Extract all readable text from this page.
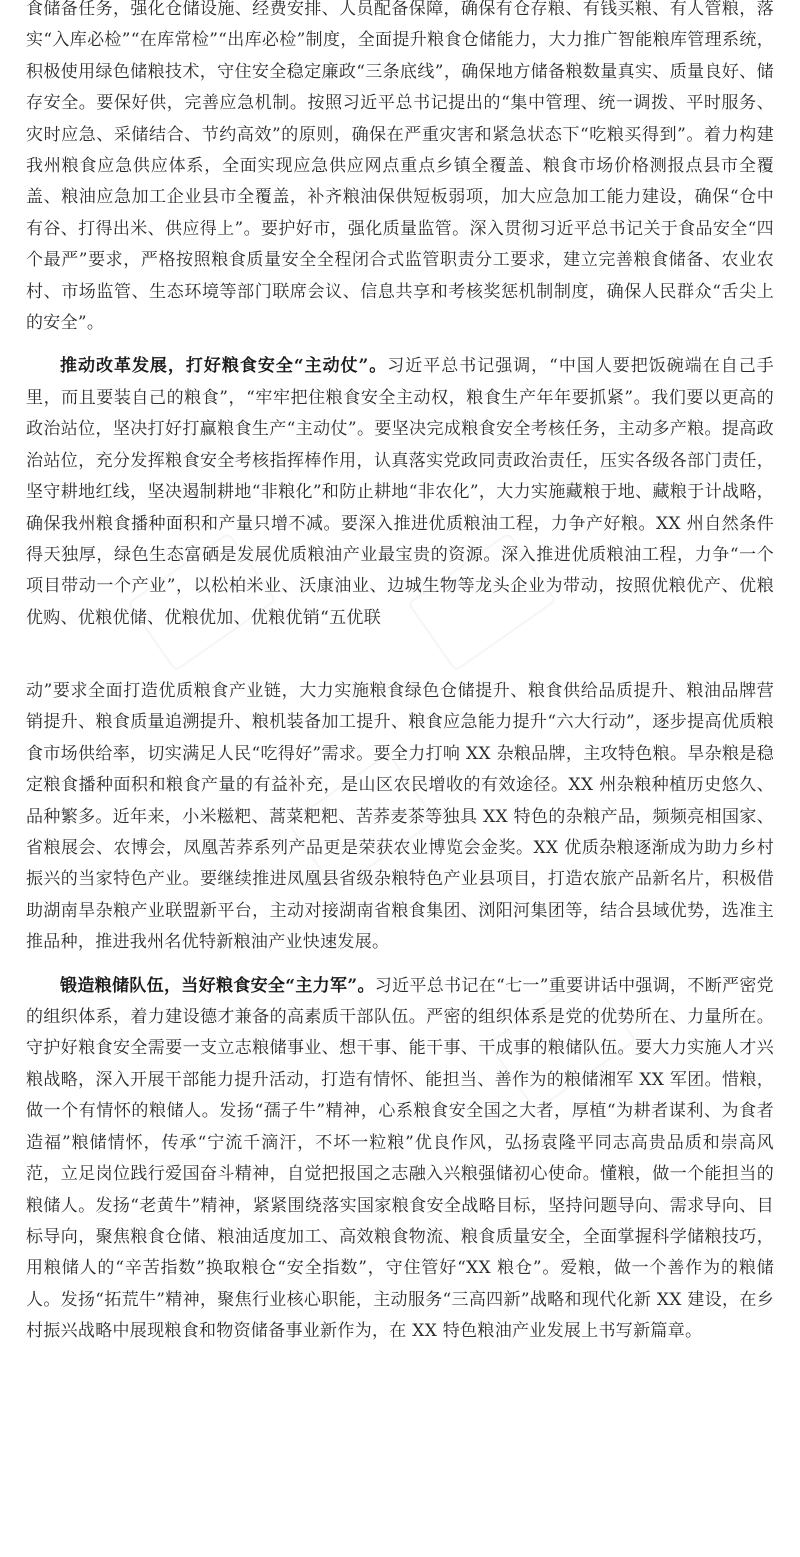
食储备任务，强化仓储设施、经费安排、人员配备保障，确保有仓存粮、有钱买粮、有人管粮，落实“入库必检”“在库常检”“出库必检”制度，全面提升粮食仓储能力，大力推广智能粮库管理系统，积极使用绿色储粮技术，守住安全稳定廉政“三条底线”，确保地方储备粮数量真实、质量良好、储存安全。要保好供，完善应急机制。按照习近平总书记提出的“集中管理、统一调拨、平时服务、灾时应急、采储结合、节约高效”的原则，确保在严重灾害和紧急状态下“吃粮买得到”。着力构建我州粮食应急供应体系，全面实现应急供应网点重点乡镇全覆盖、粮食市场价格测报点县市全覆盖、粮油应急加工企业县市全覆盖，补齐粮油保供短板弱项，加大应急加工能力建设，确保“仓中有谷、打得出米、供应得上”。要护好市，强化质量监管。深入贯彻习近平总书记关于食品安全“四个最严”要求，严格按照粮食质量安全全程闭合式监管职责分工要求，建立完善粮食储备、农业农村、市场监管、生态环境等部门联席会议、信息共享和考核奖惩机制制度，确保人民群众“舌尖上的安全”。

推动改革发展，打好粮食安全“主动仗”。习近平总书记强调，“中国人要把饭碗端在自己手里，而且要装自己的粮食”，“牢牢把住粮食安全主动权，粮食生产年年要抓紧”。我们要以更高的政治站位，坚决打好打赢粮食生产“主动仗”。要坚决完成粮食安全考核任务，主动多产粮。提高政治站位，充分发挥粮食安全考核指挥棒作用，认真落实党政同责政治责任，压实各级各部门责任，坚守耕地红线，坚决遏制耕地“非粮化”和防止耕地“非农化”，大力实施藏粮于地、藏粮于计战略，确保我州粮食播种面积和产量只增不减。要深入推进优质粮油工程，力争产好粮。XX 州自然条件得天独厚，绿色生态富硒是发展优质粮油产业最宝贵的资源。深入推进优质粮油工程，力争“一个项目带动一个产业”，以松柏米业、沃康油业、边城生物等龙头企业为带动，按照优粮优产、优粮优购、优粮优储、优粮优加、优粮优销“五优联

动”要求全面打造优质粮食产业链，大力实施粮食绿色仓储提升、粮食供给品质提升、粮油品牌营销提升、粮食质量追溯提升、粮机装备加工提升、粮食应急能力提升“六大行动”，逐步提高优质粮食市场供给率，切实满足人民“吃得好”需求。要全力打响 XX 杂粮品牌，主攻特色粮。旱杂粮是稳定粮食播种面积和粮食产量的有益补充，是山区农民增收的有效途径。XX 州杂粮种植历史悠久、品种繁多。近年来，小米糍粑、蒿菜粑粑、苦荞麦茶等独具 XX 特色的杂粮产品，频频亮相国家、省粮展会、农博会，凤凰苦荞系列产品更是荣获农业博览会金奖。XX 优质杂粮逐渐成为助力乡村振兴的当家特色产业。要继续推进凤凰县省级杂粮特色产业县项目，打造农旅产品新名片，积极借助湖南旱杂粮产业联盟新平台，主动对接湖南省粮食集团、浏阳河集团等，结合县域优势，选准主推品种，推进我州名优特新粮油产业快速发展。

锻造粮储队伍，当好粮食安全“主力军”。习近平总书记在“七一”重要讲话中强调，不断严密党的组织体系，着力建设德才兼备的高素质干部队伍。严密的组织体系是党的优势所在、力量所在。守护好粮食安全需要一支立志粮储事业、想干事、能干事、干成事的粮储队伍。要大力实施人才兴粮战略，深入开展干部能力提升活动，打造有情怀、能担当、善作为的粮储湘军 XX 军团。惜粮，做一个有情怀的粮储人。发扬“孺子牛”精神，心系粮食安全国之大者，厚植“为耕者谋利、为食者造福”粮储情怀，传承“宁流千滴汗，不坏一粒粮”优良作风，弘扬袁隆平同志高贵品质和崇高风范，立足岗位践行爱国奋斗精神，自觉把报国之志融入兴粮强储初心使命。懂粮，做一个能担当的粮储人。发扬“老黄牛”精神，紧紧围绕落实国家粮食安全战略目标，坚持问题导向、需求导向、目标导向，聚焦粮食仓储、粮油适度加工、高效粮食物流、粮食质量安全，全面掌握科学储粮技巧，用粮储人的“辛苦指数”换取粮仓“安全指数”，守住管好“XX 粮仓”。爱粮，做一个善作为的粮储人。发扬“拓荒牛”精神，聚焦行业核心职能，主动服务“三高四新”战略和现代化新 XX 建设，在乡村振兴战略中展现粮食和物资储备事业新作为，在 XX 特色粮油产业发展上书写新篇章。
